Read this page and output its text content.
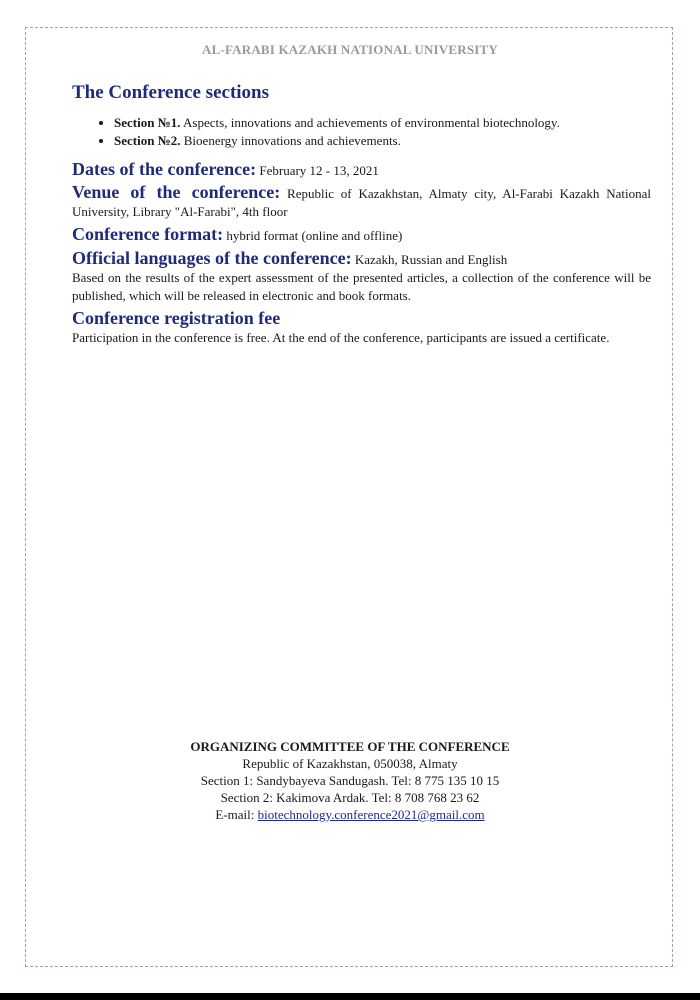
AL-FARABI KAZAKH NATIONAL UNIVERSITY
The Conference sections
• Section №1. Aspects, innovations and achievements of environmental biotechnology.
• Section №2. Bioenergy innovations and achievements.

Dates of the conference: February 12 - 13, 2021

Venue of the conference: Republic of Kazakhstan, Almaty city, Al-Farabi Kazakh National University, Library "Al-Farabi", 4th floor

Conference format: hybrid format (online and offline)

Official languages of the conference: Kazakh, Russian and English

Based on the results of the expert assessment of the presented articles, a collection of the conference will be published, which will be released in electronic and book formats.

Conference registration fee

Participation in the conference is free. At the end of the conference, participants are issued a certificate.

ORGANIZING COMMITTEE OF THE CONFERENCE
Republic of Kazakhstan, 050038, Almaty
Section 1: Sandybayeva Sandugash. Tel: 8 775 135 10 15
Section 2: Kakimova Ardak. Tel: 8 708 768 23 62
E-mail: biotechnology.conference2021@gmail.com
